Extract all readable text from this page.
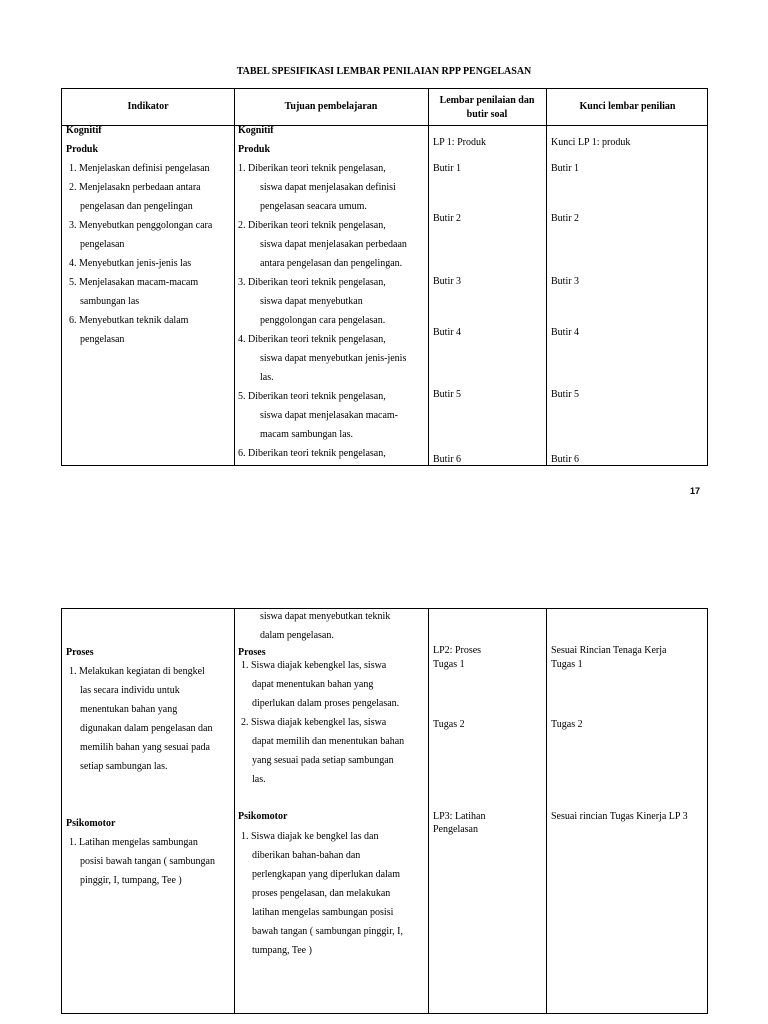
TABEL SPESIFIKASI LEMBAR PENILAIAN RPP PENGELASAN
Indikator	Tujuan pembelajaran
Lembar penilaian dan
butir soal
Kunci lembar penilian
Kognitif
Produk
1. Menjelaskan definisi pengelasan
2. Menjelasakn perbedaan antara
pengelasan dan pengelingan
3. Menyebutkan penggolongan cara
pengelasan
4. Menyebutkan jenis-jenis las
5. Menjelasakan macam-macam
sambungan las
6. Menyebutkan teknik dalam
pengelasan
Kognitif
Produk
1. Diberikan teori teknik pengelasan,
siswa dapat menjelasakan definisi
pengelasan seacara umum.
2. Diberikan teori teknik pengelasan,
siswa dapat menjelasakan perbedaan
antara pengelasan dan pengelingan.
3. Diberikan teori teknik pengelasan,
siswa dapat menyebutkan
penggolongan cara pengelasan.
4. Diberikan teori teknik pengelasan,
siswa dapat menyebutkan jenis-jenis
las.
5. Diberikan teori teknik pengelasan,
siswa dapat menjelasakan macam-
macam sambungan las.
6. Diberikan teori teknik pengelasan,
LP 1: Produk
Butir 1
Butir 2
Butir 3
Butir 4
Butir 5
Butir 6
Kunci LP 1: produk
Butir 1
Butir 2
Butir 3
Butir 4
Butir 5
Butir 6
17
siswa dapat menyebutkan teknik
dalam pengelasan.
Proses
1. Melakukan kegiatan di bengkel
las secara individu untuk
menentukan bahan yang
digunakan dalam pengelasan dan
memilih bahan yang sesuai pada
setiap sambungan las.
Proses
1. Siswa diajak kebengkel las, siswa
dapat menentukan bahan yang
diperlukan dalam proses pengelasan.
2. Siswa diajak kebengkel las, siswa
dapat memilih dan menentukan bahan
yang sesuai pada setiap sambungan
las.
LP2: Proses
Tugas 1
Tugas 2
Sesuai Rincian Tenaga Kerja
Tugas 1
Tugas 2
Psikomotor
1. Latihan mengelas sambungan
posisi bawah tangan ( sambungan
pinggir, I, tumpang, Tee )
Psikomotor
1. Siswa diajak ke bengkel las dan
diberikan bahan-bahan dan
perlengkapan yang diperlukan dalam
proses pengelasan, dan melakukan
latihan mengelas sambungan posisi
bawah tangan ( sambungan pinggir, I,
tumpang, Tee )
LP3: Latihan
Pengelasan
Sesuai rincian Tugas Kinerja LP 3
